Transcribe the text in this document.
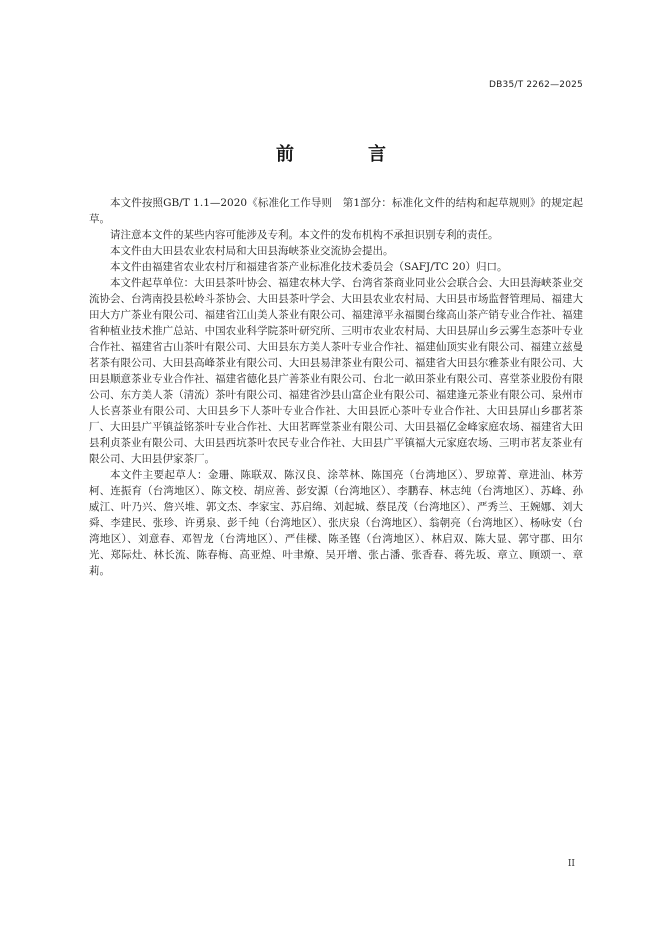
DB35/T 2262—2025
前　言

本文件按照GB/T 1.1—2020《标准化工作导则　第1部分：标准化文件的结构和起草规则》的规定起草。

请注意本文件的某些内容可能涉及专利。本文件的发布机构不承担识别专利的责任。

本文件由大田县农业农村局和大田县海峡茶业交流协会提出。

本文件由福建省农业农村厅和福建省茶产业标准化技术委员会（SAFJ/TC 20）归口。

本文件起草单位：大田县茶叶协会、福建农林大学、台湾省茶商业同业公会联合会、大田县海峡茶业交流协会、台湾南投县松岭斗茶协会、大田县茶叶学会、大田县农业农村局、大田县市场监督管理局、福建大田大方广茶业有限公司、福建省江山美人茶业有限公司、福建漳平永福閩台缘高山茶产销专业合作社、福建省种植业技术推广总站、中国农业科学院茶叶研究所、三明市农业农村局、大田县屏山乡云雾生态茶叶专业合作社、福建省古山茶叶有限公司、大田县东方美人茶叶专业合作社、福建仙顶实业有限公司、福建立兹曼茗茶有限公司、大田县高峰茶业有限公司、大田县易津茶业有限公司、福建省大田县尔雅茶业有限公司、大田县顺意茶业专业合作社、福建省德化县广善茶业有限公司、台北一畝田茶业有限公司、喜堂茶业股份有限公司、东方美人茶（清流）茶叶有限公司、福建省沙县山富企业有限公司、福建逢元茶业有限公司、泉州市人长喜茶业有限公司、大田县乡下人茶叶专业合作社、大田县匠心茶叶专业合作社、大田县屏山乡郡茗茶厂、大田县广平镇益铭茶叶专业合作社、大田茗晖堂茶业有限公司、大田县福亿金峰家庭农场、福建省大田县利贞茶业有限公司、大田县西坑茶叶农民专业合作社、大田县广平镇福大元家庭农场、三明市茗友茶业有限公司、大田县伊家茶厂。

本文件主要起草人：金珊、陈联双、陈汉良、涂萃林、陈国亮（台湾地区）、罗琼菁、章进汕、林芳柯、连振育（台湾地区）、陈文校、胡应善、彭安源（台湾地区）、李鹏春、林志纯（台湾地区）、苏峰、孙威江、叶乃兴、詹兴堆、郭文杰、李家宝、苏启绵、刘起城、蔡昆茂（台湾地区）、严秀兰、王婉娜、刘大舜、李建民、张珍、许勇泉、彭千纯（台湾地区）、张庆泉（台湾地区）、翁朝亮（台湾地区）、杨咏安（台湾地区）、刘意春、邓智龙（台湾地区）、严佳樑、陈圣铿（台湾地区）、林启双、陈大显、郭守郡、田尔光、郑际灶、林长流、陈春梅、高亚煌、叶聿燎、吴开增、张占潘、张香春、蒋先坂、章立、顾颂一、章莉。

II
